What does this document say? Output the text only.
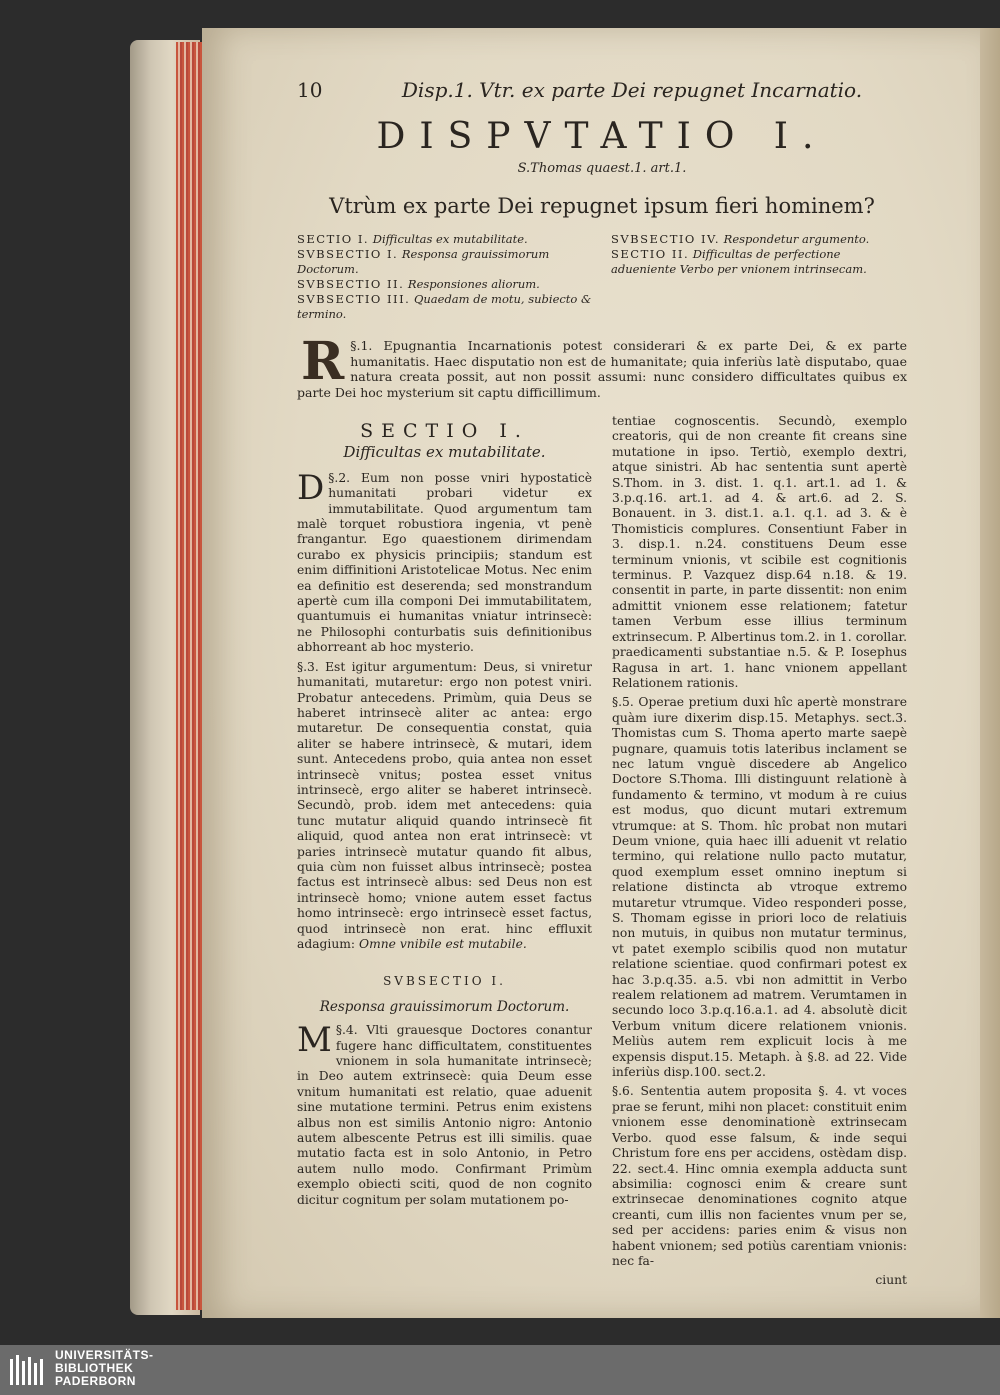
10	Disp.1. Vtr. ex parte Dei repugnet Incarnatio.
DISPVTATIO I.
S.Thomas quaest.1. art.1.
Vtrùm ex parte Dei repugnet ipsum fieri hominem?
SECTIO I. Difficultas ex mutabilitate.	SVBSECTIO IV. Respondetur argumento.
SVBSECTIO I. Responsa grauissimorum Doctorum.
SECTIO II. Difficultas de perfectione adueniente Verbo per vnionem intrinsecam.
SVBSECTIO II. Responsiones aliorum.
SVBSECTIO III. Quaedam de motu, subiecto & termino.
§.1.
R	Epugnantia Incarnationis potest considerari & ex parte Dei, & ex parte humanitatis. Haec disputatio non est de humanitate; quia inferiùs latè disputabo, quae natura creata possit, aut non possit assumi: nunc considero difficultates quibus ex parte Dei hoc mysterium sit captu difficillimum.
SECTIO I.
Difficultas ex mutabilitate.
§.2.
D	Eum non posse vniri hypostaticè humanitati probari videtur ex immutabilitate. Quod argumentum tam malè torquet robustiora ingenia, vt penè frangantur. Ego quaestionem dirimendam curabo ex physicis principiis; standum est enim diffinitioni Aristotelicae Motus. Nec enim ea definitio est deserenda; sed monstrandum apertè cum illa componi Dei immutabilitatem, quantumuis ei humanitas vniatur intrinsecè: ne Philosophi conturbatis suis definitionibus abhorreant ab hoc mysterio.
§.3. Est igitur argumentum: Deus, si vniretur humanitati, mutaretur: ergo non potest vniri. Probatur antecedens. Primùm, quia Deus se haberet intrinsecè aliter ac antea: ergo mutaretur. De consequentia constat, quia aliter se habere intrinsecè, & mutari, idem sunt. Antecedens probo, quia antea non esset intrinsecè vnitus; postea esset vnitus intrinsecè, ergo aliter se haberet intrinsecè. Secundò, prob. idem met antecedens: quia tunc mutatur aliquid quando intrinsecè fit aliquid, quod antea non erat intrinsecè: vt paries intrinsecè mutatur quando fit albus, quia cùm non fuisset albus intrinsecè; postea factus est intrinsecè albus: sed Deus non est intrinsecè homo; vnione autem esset factus homo intrinsecè: ergo intrinsecè esset factus, quod intrinsecè non erat. hinc effluxit adagium: Omne vnibile est mutabile.
SVBSECTIO I.
Responsa grauissimorum Doctorum.
§.4.
M	Vlti grauesque Doctores conantur fugere hanc difficultatem, constituentes vnionem in sola humanitate intrinsecè; in Deo autem extrinsecè: quia Deum esse vnitum humanitati est relatio, quae aduenit sine mutatione termini. Petrus enim existens albus non est similis Antonio nigro: Antonio autem albescente Petrus est illi similis. quae mutatio facta est in solo Antonio, in Petro autem nullo modo. Confirmant Primùm exemplo obiecti sciti, quod de non cognito dicitur cognitum per solam mutationem po-
tentiae cognoscentis. Secundò, exemplo creatoris, qui de non creante fit creans sine mutatione in ipso. Tertiò, exemplo dextri, atque sinistri. Ab hac sententia sunt apertè S.Thom. in 3. dist. 1. q.1. art.1. ad 1. & 3.p.q.16. art.1. ad 4. & art.6. ad 2. S. Bonauent. in 3. dist.1. a.1. q.1. ad 3. & è Thomisticis complures. Consentiunt Faber in 3. disp.1. n.24. constituens Deum esse terminum vnionis, vt scibile est cognitionis terminus. P. Vazquez disp.64 n.18. & 19. consentit in parte, in parte dissentit: non enim admittit vnionem esse relationem; fatetur tamen Verbum esse illius terminum extrinsecum. P. Albertinus tom.2. in 1. corollar. praedicamenti substantiae n.5. & P. Iosephus Ragusa in art. 1. hanc vnionem appellant Relationem rationis.
§.5. Operae pretium duxi hîc apertè monstrare quàm iure dixerim disp.15. Metaphys. sect.3. Thomistas cum S. Thoma aperto marte saepè pugnare, quamuis totis lateribus inclament se nec latum vnguè discedere ab Angelico Doctore S.Thoma. Illi distinguunt relationè à fundamento & termino, vt modum à re cuius est modus, quo dicunt mutari extremum vtrumque: at S. Thom. hîc probat non mutari Deum vnione, quia haec illi aduenit vt relatio termino, qui relatione nullo pacto mutatur, quod exemplum esset omnino ineptum si relatione distincta ab vtroque extremo mutaretur vtrumque. Video responderi posse, S. Thomam egisse in priori loco de relatiuis non mutuis, in quibus non mutatur terminus, vt patet exemplo scibilis quod non mutatur relatione scientiae. quod confirmari potest ex hac 3.p.q.35. a.5. vbi non admittit in Verbo realem relationem ad matrem. Verumtamen in secundo loco 3.p.q.16.a.1. ad 4. absolutè dicit Verbum vnitum dicere relationem vnionis. Meliùs autem rem explicuit locis à me expensis disput.15. Metaph. à §.8. ad 22. Vide inferiùs disp.100. sect.2.
§.6. Sententia autem proposita §. 4. vt voces prae se ferunt, mihi non placet: constituit enim vnionem esse denominationè extrinsecam Verbo. quod esse falsum, & inde sequi Christum fore ens per accidens, ostèdam disp. 22. sect.4. Hinc omnia exempla adducta sunt absimilia: cognosci enim & creare sunt extrinsecae denominationes cognito atque creanti, cum illis non facientes vnum per se, sed per accidens: paries enim & visus non habent vnionem; sed potiùs carentiam vnionis: nec fa-
ciunt
UNIVERSITÄTS-
BIBLIOTHEK
PADERBORN
